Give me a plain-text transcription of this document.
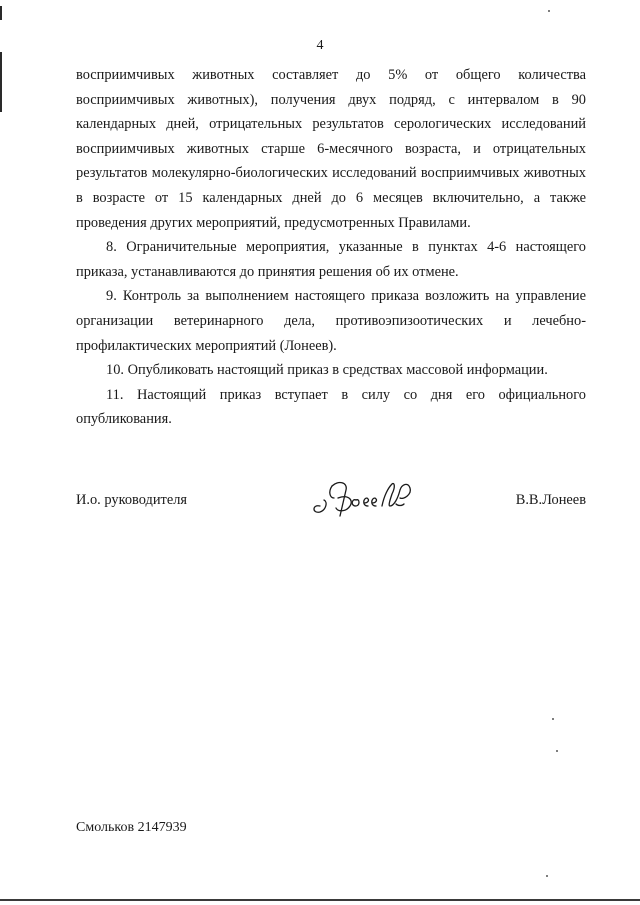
4

восприимчивых животных составляет до 5% от общего количества восприимчивых животных), получения двух подряд, с интервалом в 90 календарных дней, отрицательных результатов серологических исследований восприимчивых животных старше 6-месячного возраста, и отрицательных результатов молекулярно-биологических исследований восприимчивых животных в возрасте от 15 календарных дней до 6 месяцев включительно, а также проведения других мероприятий, предусмотренных Правилами.

8. Ограничительные мероприятия, указанные в пунктах 4-6 настоящего приказа, устанавливаются до принятия решения об их отмене.

9. Контроль за выполнением настоящего приказа возложить на управление организации ветеринарного дела, противоэпизоотических и лечебно-профилактических мероприятий (Лонеев).

10. Опубликовать настоящий приказ в средствах массовой информации.

11. Настоящий приказ вступает в силу со дня его официального опубликования.

И.о. руководителя	В.В.Лонеев
Смольков 2147939
